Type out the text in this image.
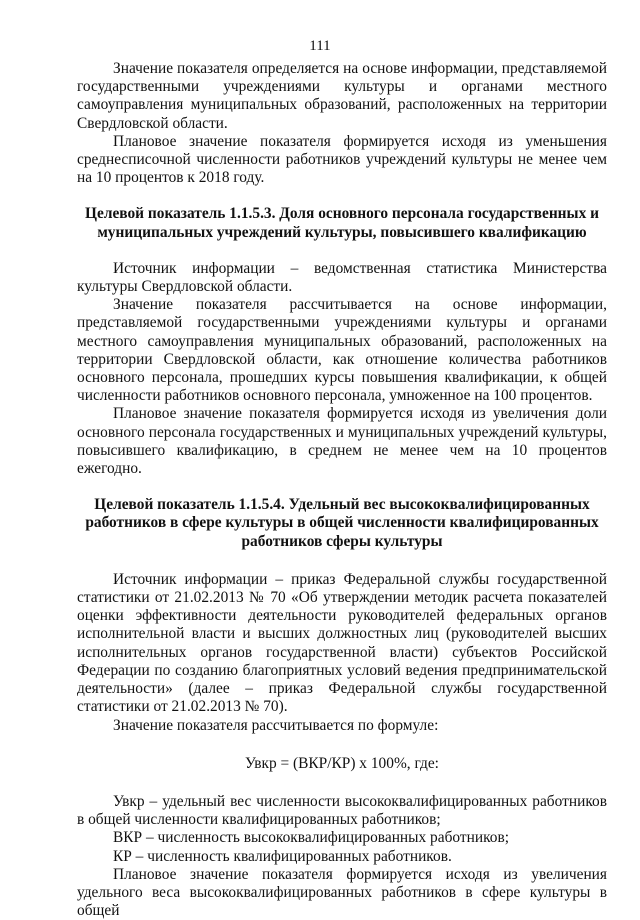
111

Значение показателя определяется на основе информации, представляемой государственными учреждениями культуры и органами местного самоуправления муниципальных образований, расположенных на территории Свердловской области.

Плановое значение показателя формируется исходя из уменьшения среднесписочной численности работников учреждений культуры не менее чем на 10 процентов к 2018 году.

Целевой показатель 1.1.5.3. Доля основного персонала государственных и муниципальных учреждений культуры, повысившего квалификацию

Источник информации – ведомственная статистика Министерства культуры Свердловской области.

Значение показателя рассчитывается на основе информации, представляемой государственными учреждениями культуры и органами местного самоуправления муниципальных образований, расположенных на территории Свердловской области, как отношение количества работников основного персонала, прошедших курсы повышения квалификации, к общей численности работников основного персонала, умноженное на 100 процентов.

Плановое значение показателя формируется исходя из увеличения доли основного персонала государственных и муниципальных учреждений культуры, повысившего квалификацию, в среднем не менее чем на 10 процентов ежегодно.

Целевой показатель 1.1.5.4. Удельный вес высококвалифицированных работников в сфере культуры в общей численности квалифицированных работников сферы культуры

Источник информации – приказ Федеральной службы государственной статистики от 21.02.2013 № 70 «Об утверждении методик расчета показателей оценки эффективности деятельности руководителей федеральных органов исполнительной власти и высших должностных лиц (руководителей высших исполнительных органов государственной власти) субъектов Российской Федерации по созданию благоприятных условий ведения предпринимательской деятельности» (далее – приказ Федеральной службы государственной статистики от 21.02.2013 № 70).

Значение показателя рассчитывается по формуле:

Увкр = (ВКР/КР) х 100%, где:

Увкр – удельный вес численности высококвалифицированных работников в общей численности квалифицированных работников;

ВКР – численность высококвалифицированных работников;

КР – численность квалифицированных работников.

Плановое значение показателя формируется исходя из увеличения удельного веса высококвалифицированных работников в сфере культуры в общей
